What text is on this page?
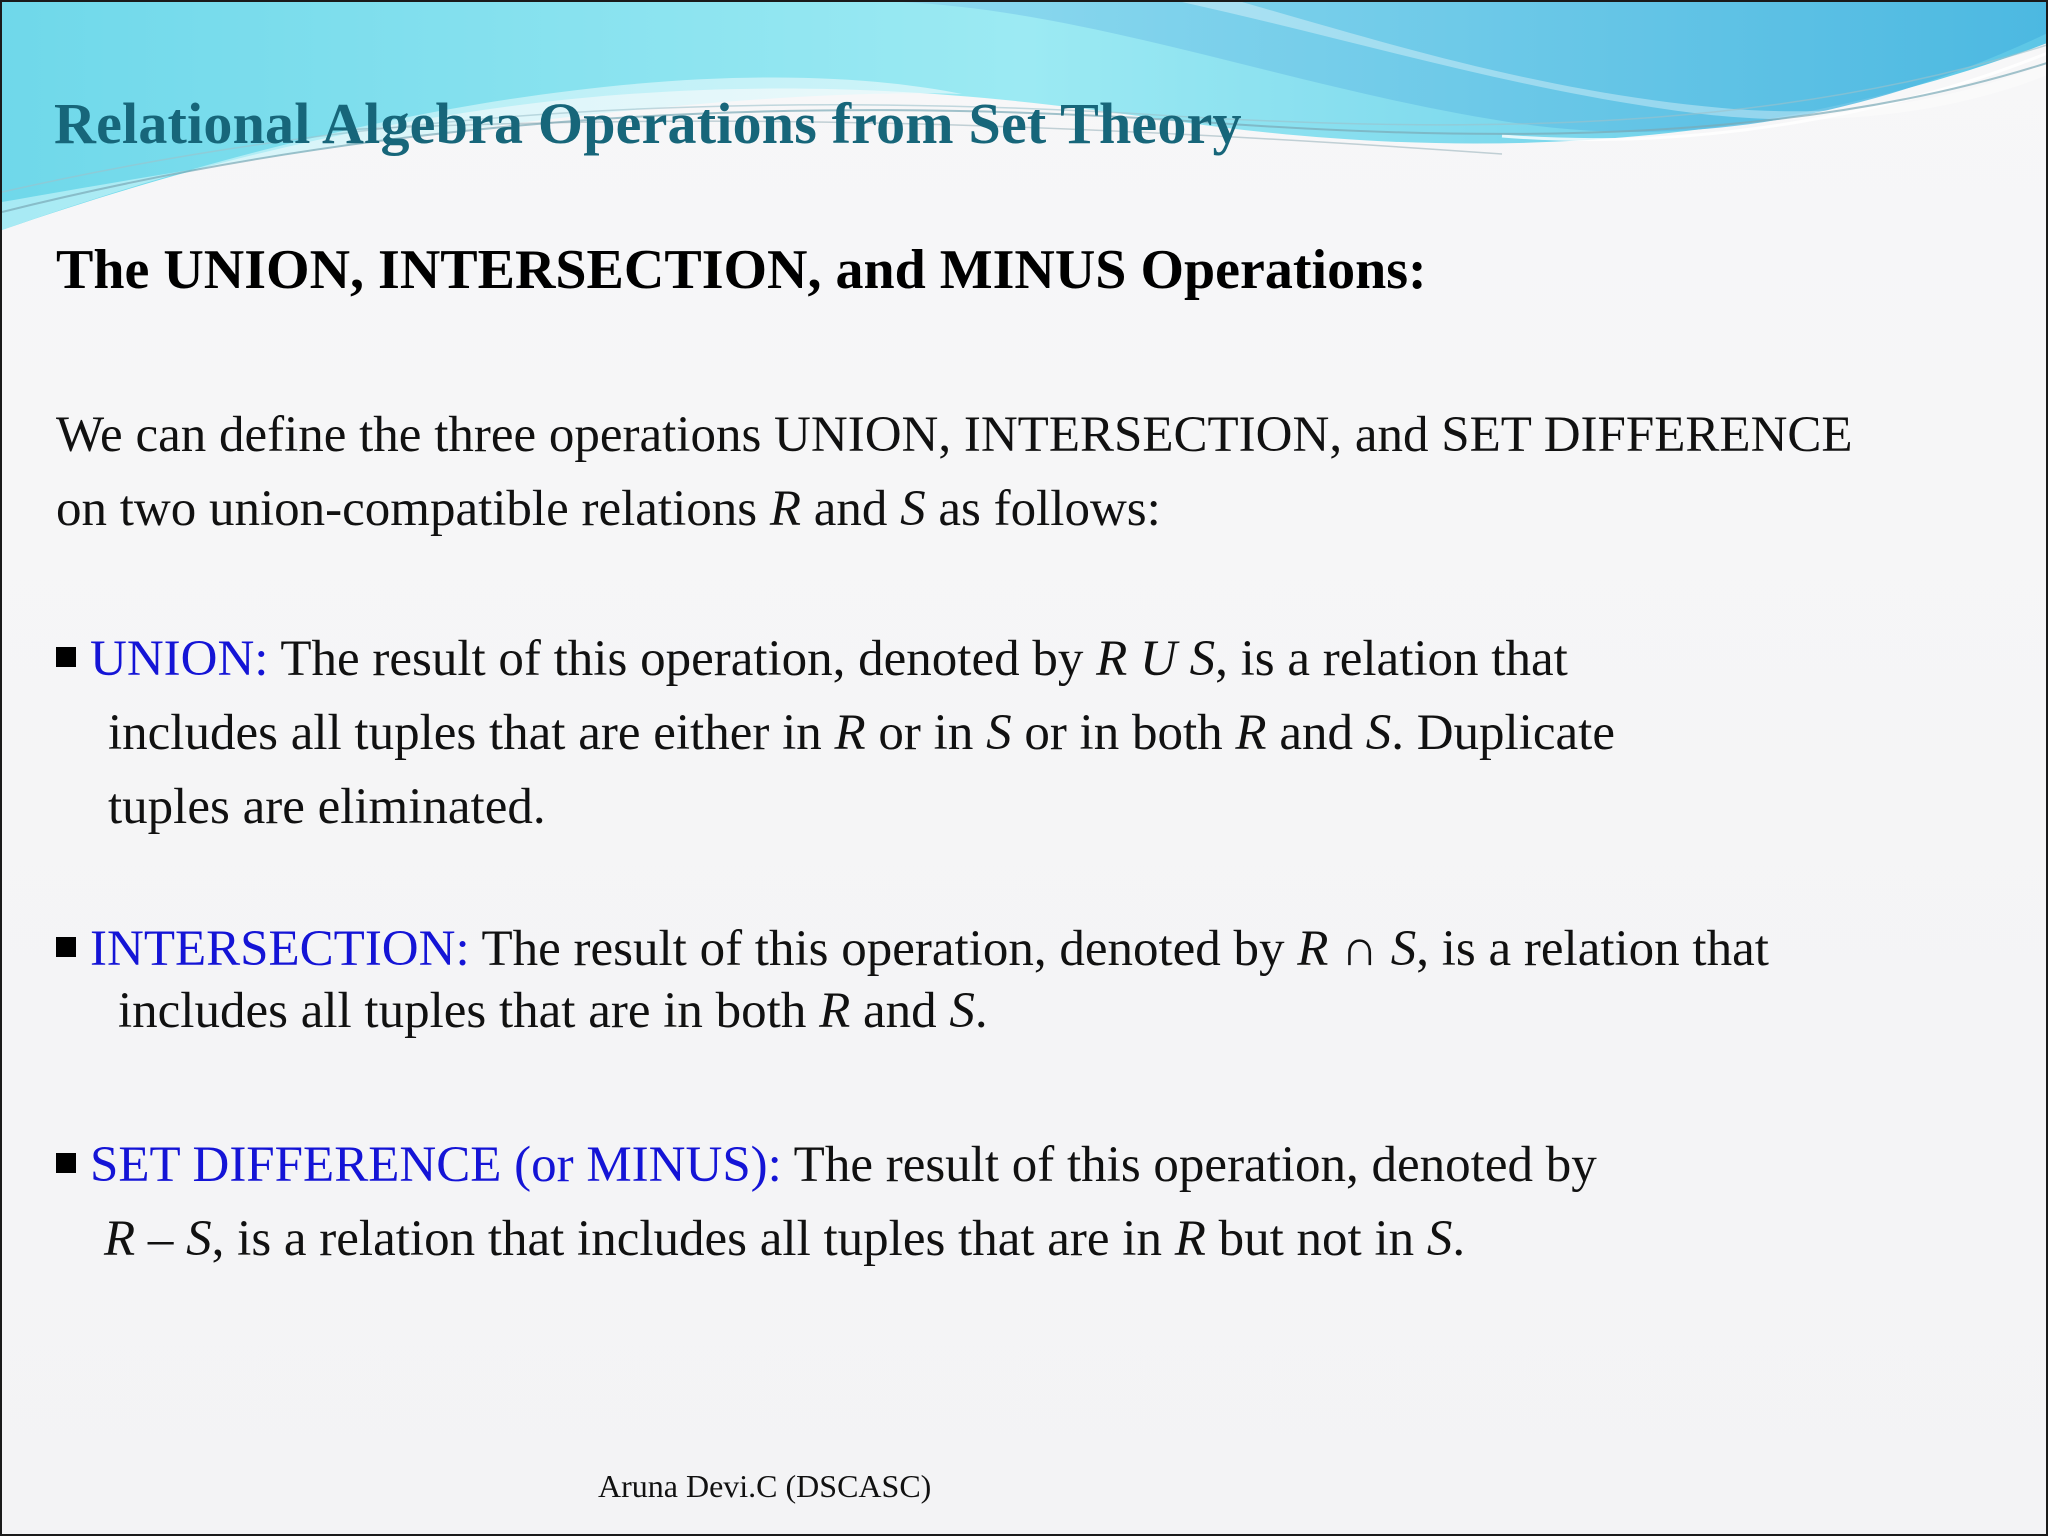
Relational Algebra Operations from Set Theory
The UNION, INTERSECTION, and MINUS Operations:

We can define the three operations UNION, INTERSECTION, and SET DIFFERENCE

on two union-compatible relations R and S as follows:

UNION: The result of this operation, denoted by R U S, is a relation that

includes all tuples that are either in R or in S or in both R and S. Duplicate

tuples are eliminated.

INTERSECTION: The result of this operation, denoted by R ∩ S, is a relation that

includes all tuples that are in both R and S.

SET DIFFERENCE (or MINUS): The result of this operation, denoted by

R – S, is a relation that includes all tuples that are in R but not in S.

Aruna Devi.C (DSCASC)
